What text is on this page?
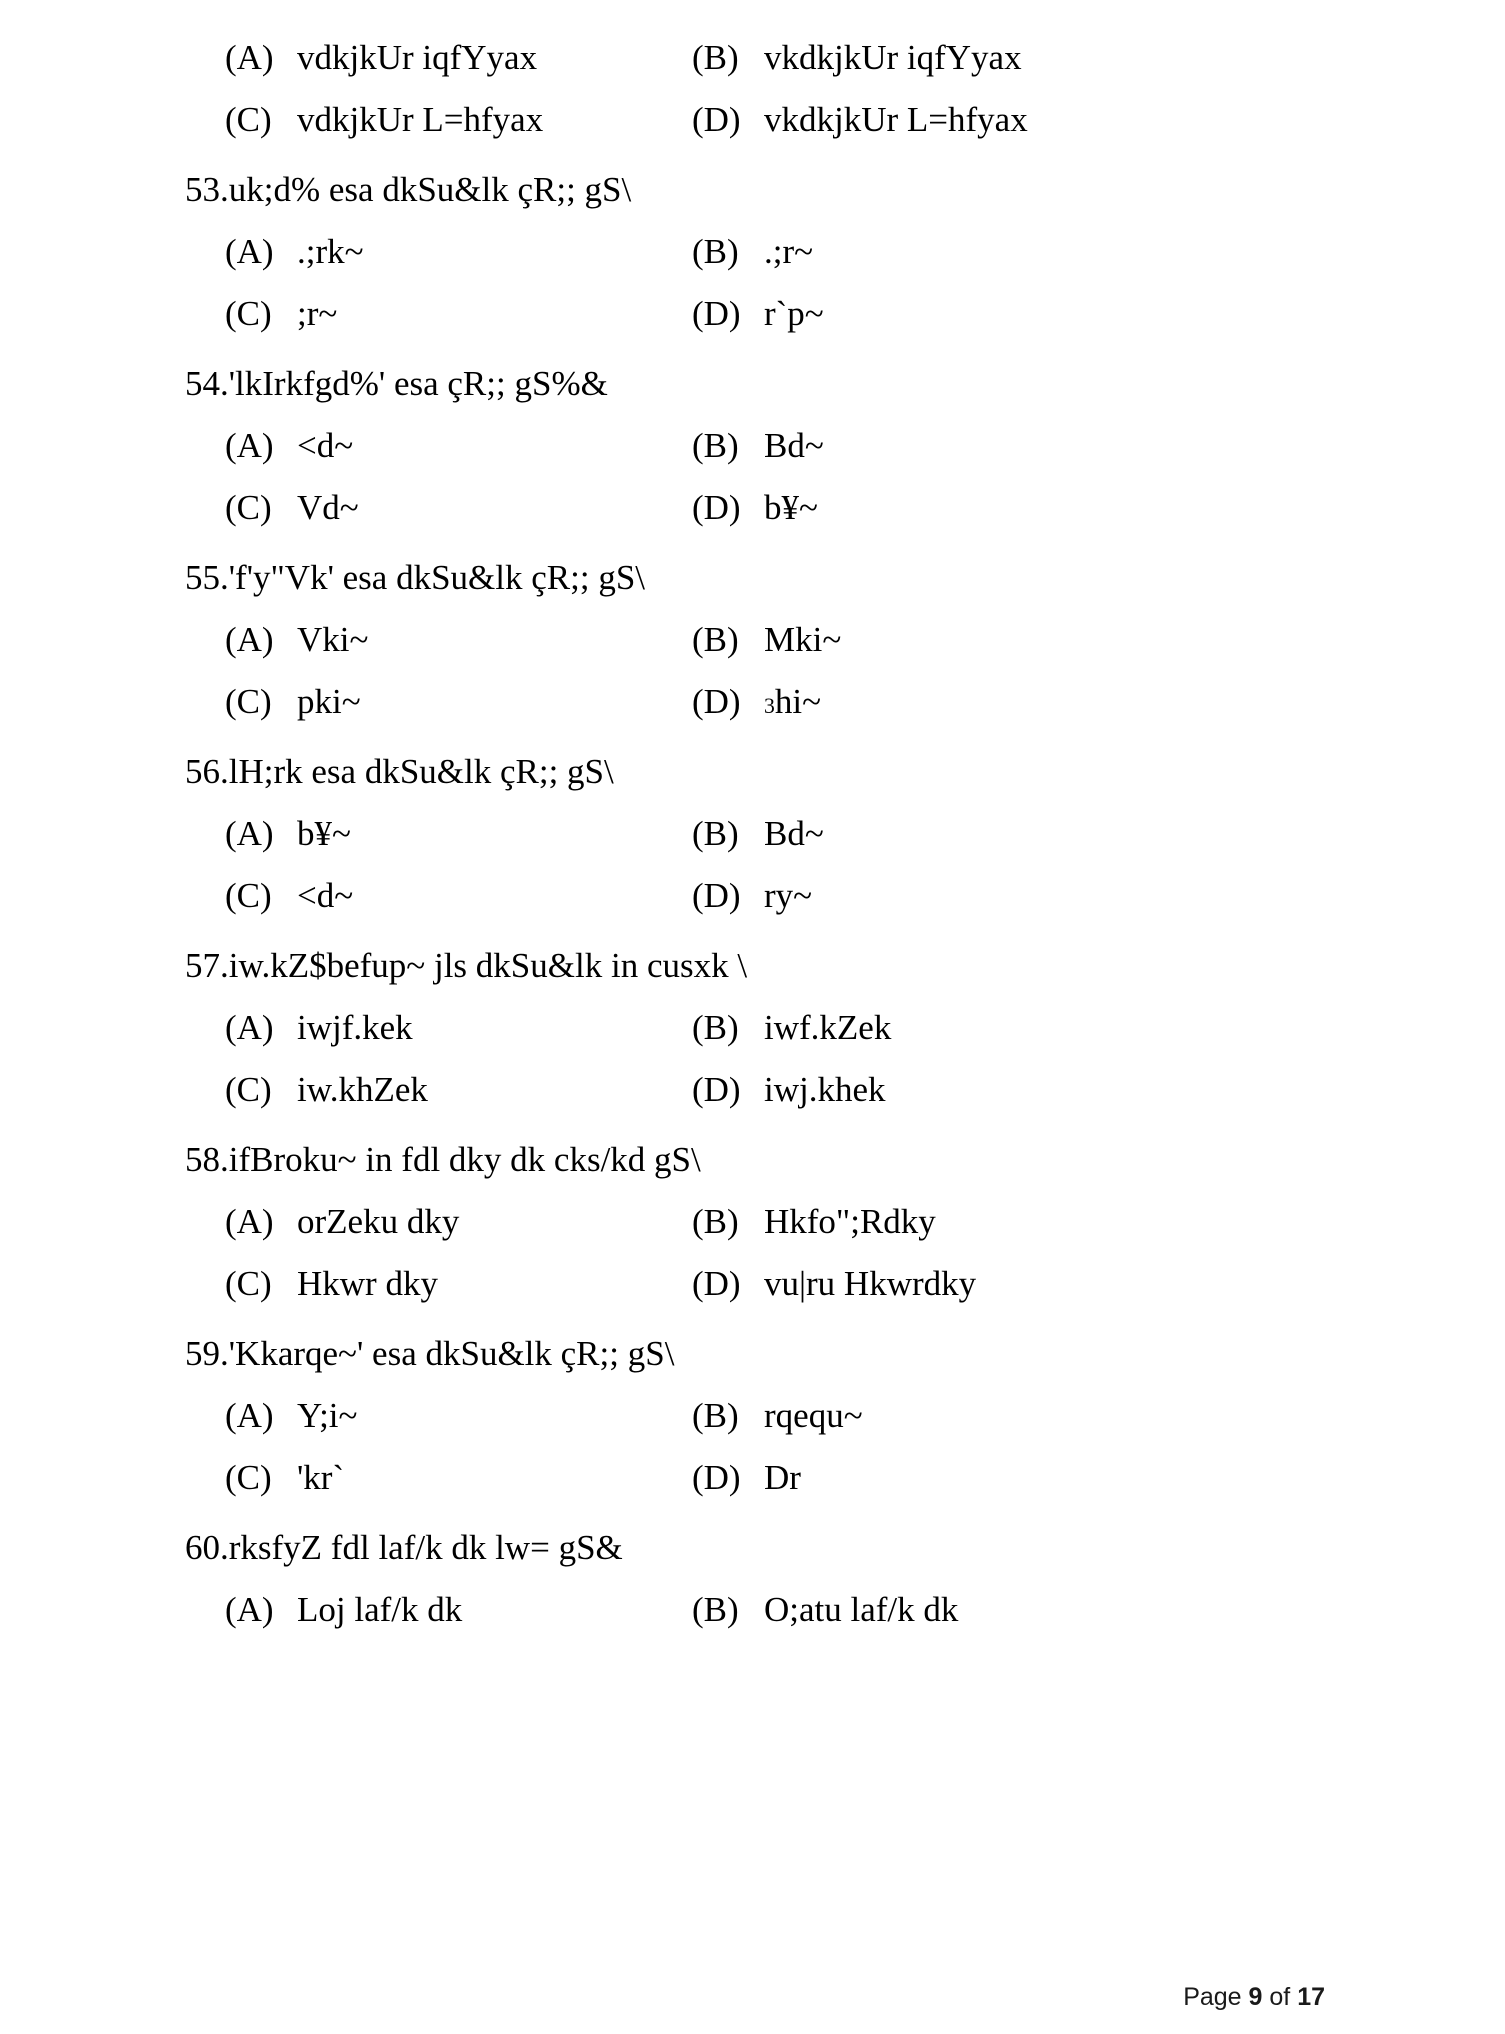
(A) vdkjkUr iqfYyax	(B) vkdkjkUr iqfYyax
(C) vdkjkUr L=hfyax	(D) vkdkjkUr L=hfyax
53. uk;d% esa dkSu&lk çR;; gS\
(A) .;rk~	(B) .;r~
(C) ;r~	(D) r`p~
54. 'lkIrkfgd%' esa çR;; gS%&
(A) <d~	(B) Bd~
(C) Vd~	(D) b¥~
55. 'f'y"Vk' esa dkSu&lk çR;; gS\
(A) Vki~	(B) Mki~
(C) pki~	(D)	3 hi~
56. lH;rk esa dkSu&lk çR;; gS\
(A) b¥~	(B) Bd~
(C) <d~	(D) ry~
57. iw.kZ$befup~ jls dkSu&lk in cusxk \
(A) iwjf.kek	(B) iwf.kZek
(C) iw.khZek	(D) iwj.khek
58. ifBroku~ in fdl dky dk cks/kd gS\
(A) orZeku dky	(B) Hkfo";Rdky
(C) Hkwr dky	(D) vu|ru Hkwrdky
59. 'Kkarqe~' esa dkSu&lk çR;; gS\
(A) Y;i~	(B) rqequ~
(C) 'kr`	(D) Dr
60. rksfyZ fdl laf/k dk lw= gS&
(A) Loj laf/k dk	(B) O;atu laf/k dk
Page 9 of 17
